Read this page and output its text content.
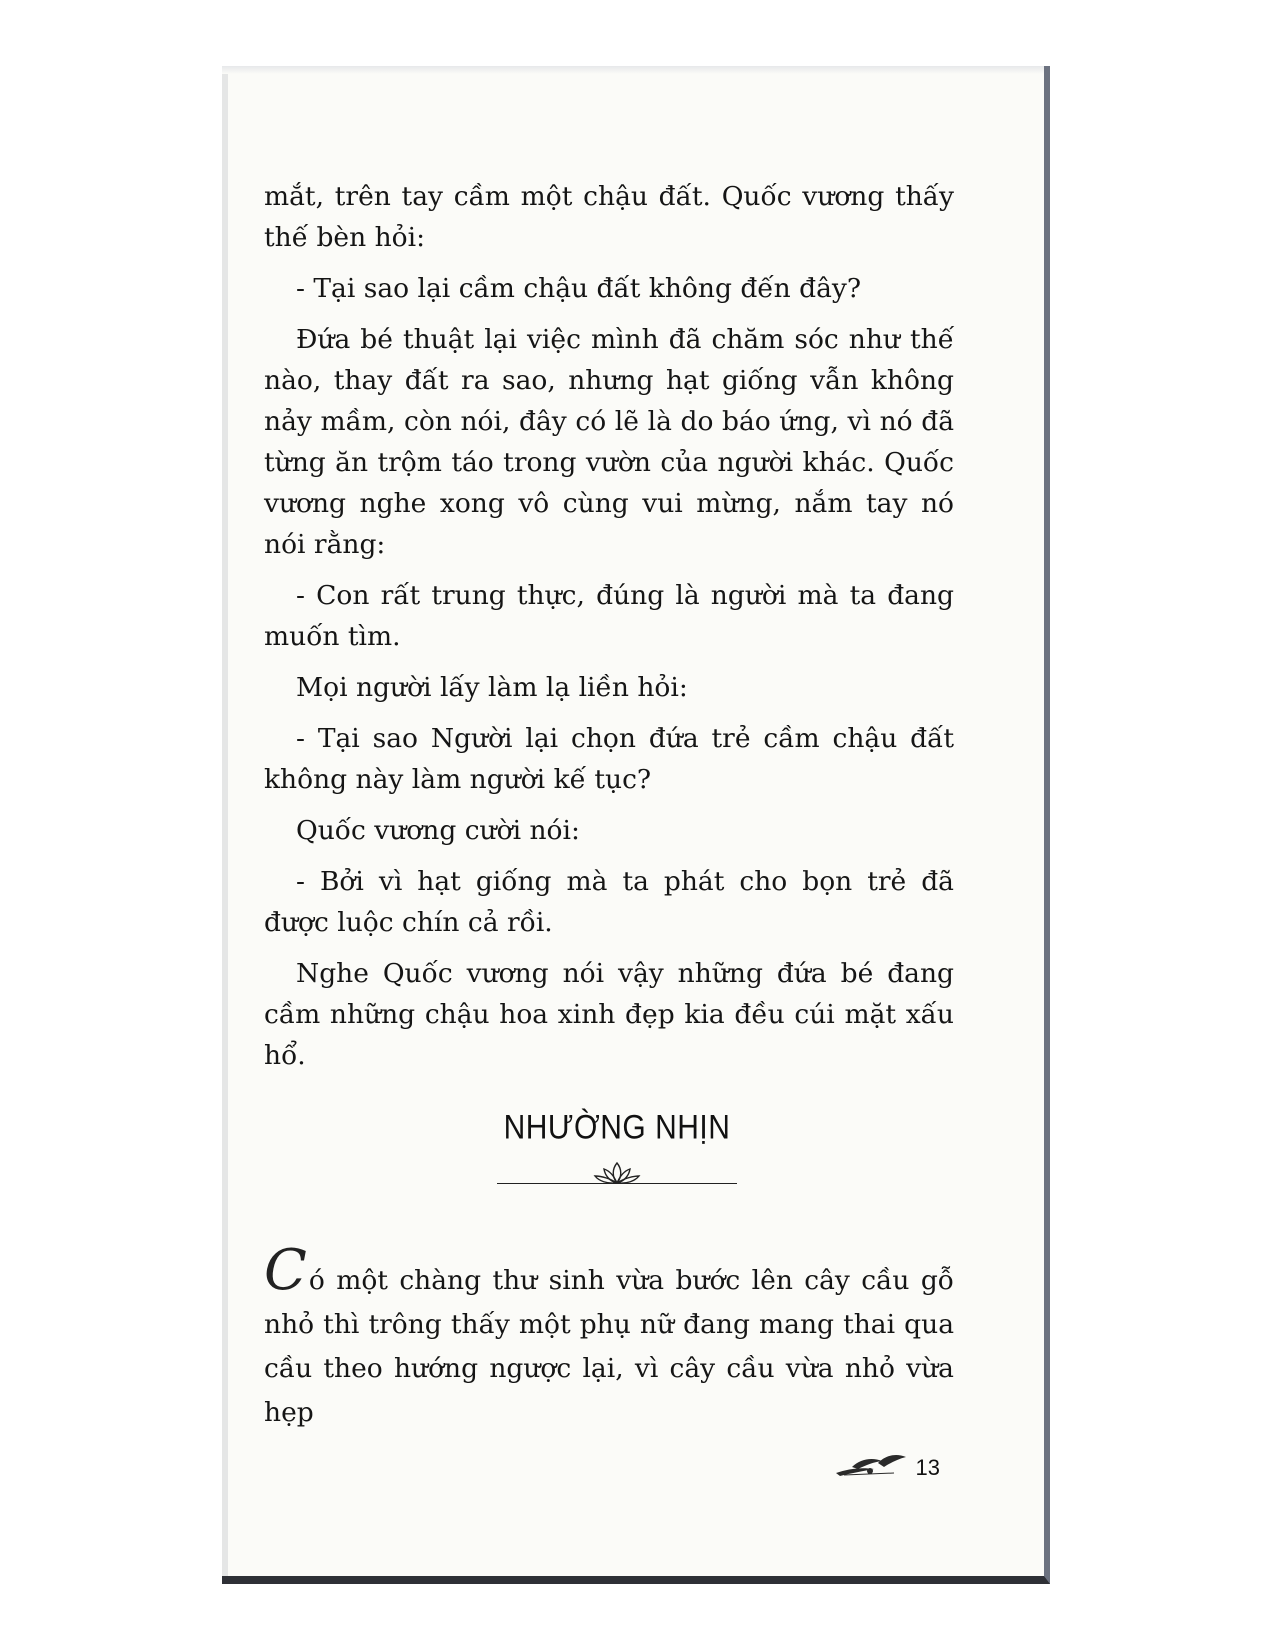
mắt, trên tay cầm một chậu đất. Quốc vương thấy thế bèn hỏi:

- Tại sao lại cầm chậu đất không đến đây?

Đứa bé thuật lại việc mình đã chăm sóc như thế nào, thay đất ra sao, nhưng hạt giống vẫn không nảy mầm, còn nói, đây có lẽ là do báo ứng, vì nó đã từng ăn trộm táo trong vườn của người khác. Quốc vương nghe xong vô cùng vui mừng, nắm tay nó nói rằng:

- Con rất trung thực, đúng là người mà ta đang muốn tìm.

Mọi người lấy làm lạ liền hỏi:

- Tại sao Người lại chọn đứa trẻ cầm chậu đất không này làm người kế tục?

Quốc vương cười nói:

- Bởi vì hạt giống mà ta phát cho bọn trẻ đã được luộc chín cả rồi.

Nghe Quốc vương nói vậy những đứa bé đang cầm những chậu hoa xinh đẹp kia đều cúi mặt xấu hổ.

NHƯỜNG NHỊN

Có một chàng thư sinh vừa bước lên cây cầu gỗ nhỏ thì trông thấy một phụ nữ đang mang thai qua cầu theo hướng ngược lại, vì cây cầu vừa nhỏ vừa hẹp

13
